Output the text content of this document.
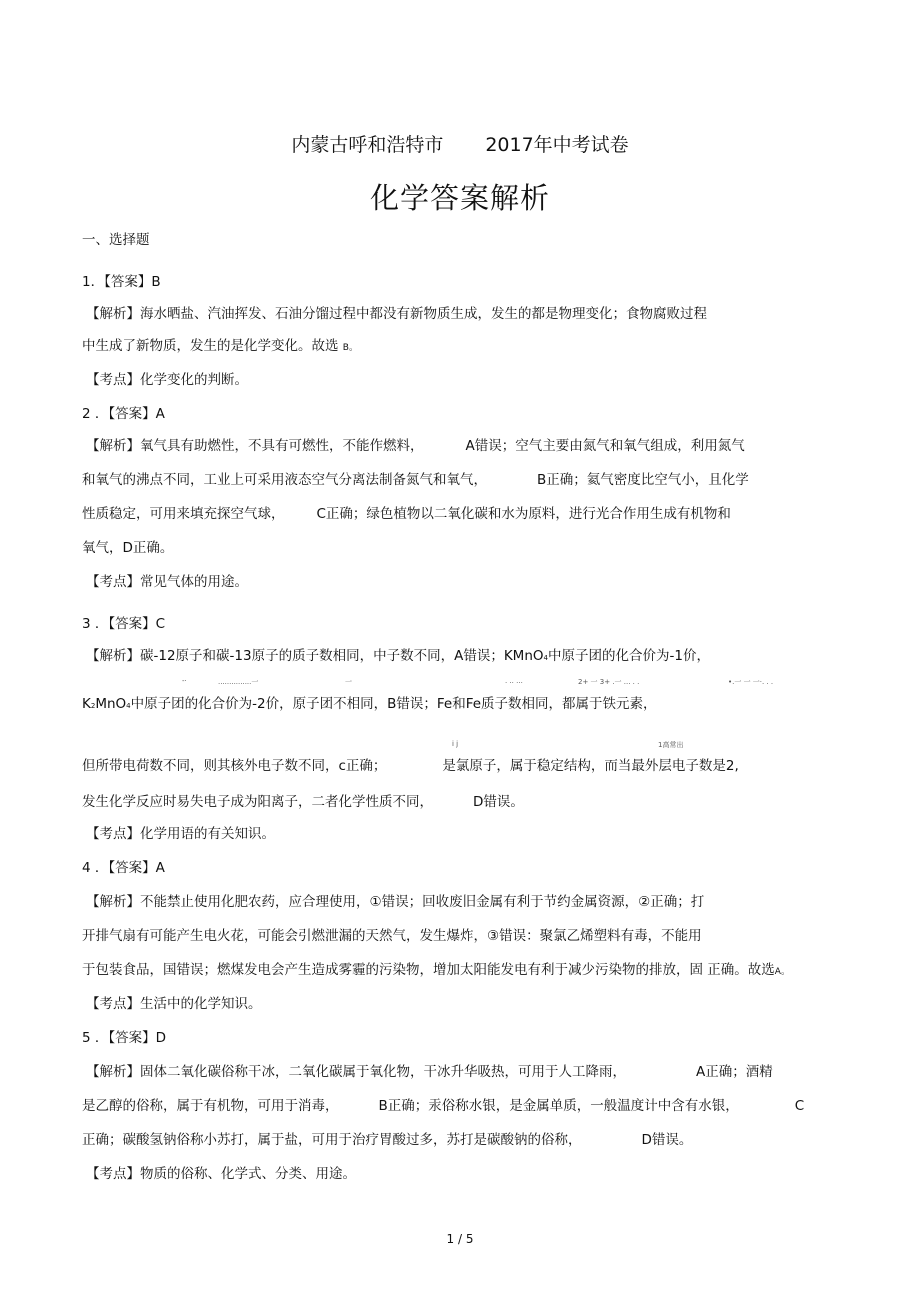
内蒙古呼和浩特市 2017年中考试卷
化学答案解析
一、选择题
1．【答案】B
【解析】海水晒盐、汽油挥发、石油分馏过程中都没有新物质生成，发生的都是物理变化；食物腐败过程
中生成了新物质，发生的是化学变化。故选 B。
【考点】化学变化的判断。
2 ．【答案】A
【解析】氧气具有助燃性，不具有可燃性，不能作燃料，	A错误；空气主要由氮气和氧气组成，利用氮气
和氧气的沸点不同，工业上可采用液态空气分离法制备氮气和氧气，	B正确；氦气密度比空气小，且化学
性质稳定，可用来填充探空气球， C正确；绿色植物以二氧化碳和水为原料，进行光合作用生成有机物和
氧气，D正确。
【考点】常见气体的用途。
3 ．【答案】C
【解析】碳-12原子和碳-13原子的质子数相同，中子数不同，A错误；KMnO4中原子团的化合价为-1价，
‑·	...............一	一	. .. ...	2+ 一 3+ .一 ... . .	•.一 一 一·. . .
K2MnO4中原子团的化合价为-2价，原子团不相同，B错误；Fe和Fe质子数相同，都属于铁元素，
i j	1高常出
但所带电荷数不同，则其核外电子数不同，c正确；	是氯原子，属于稳定结构，而当最外层电子数是2,
发生化学反应时易失电子成为阳离子，二者化学性质不同，	D错误。
【考点】化学用语的有关知识。
4 ．【答案】A
【解析】不能禁止使用化肥农药，应合理使用，①错误；回收废旧金属有利于节约金属资源，②正确；打
开排气扇有可能产生电火花，可能会引燃泄漏的天然气，发生爆炸，③错误：聚氯乙烯塑料有毒，不能用
于包装食品，国错误；燃煤发电会产生造成雾霾的污染物，增加太阳能发电有利于减少污染物的排放，固 正确。故选A。
【考点】生活中的化学知识。
5 ．【答案】D
【解析】固体二氧化碳俗称干冰，二氧化碳属于氧化物，干冰升华吸热，可用于人工降雨，	A正确；酒精
是乙醇的俗称，属于有机物，可用于消毒，	B正确；汞俗称水银，是金属单质，一般温度计中含有水银，	C
正确；碳酸氢钠俗称小苏打，属于盐，可用于治疗胃酸过多，苏打是碳酸钠的俗称，	D错误。
【考点】物质的俗称、化学式、分类、用途。
1 / 5
